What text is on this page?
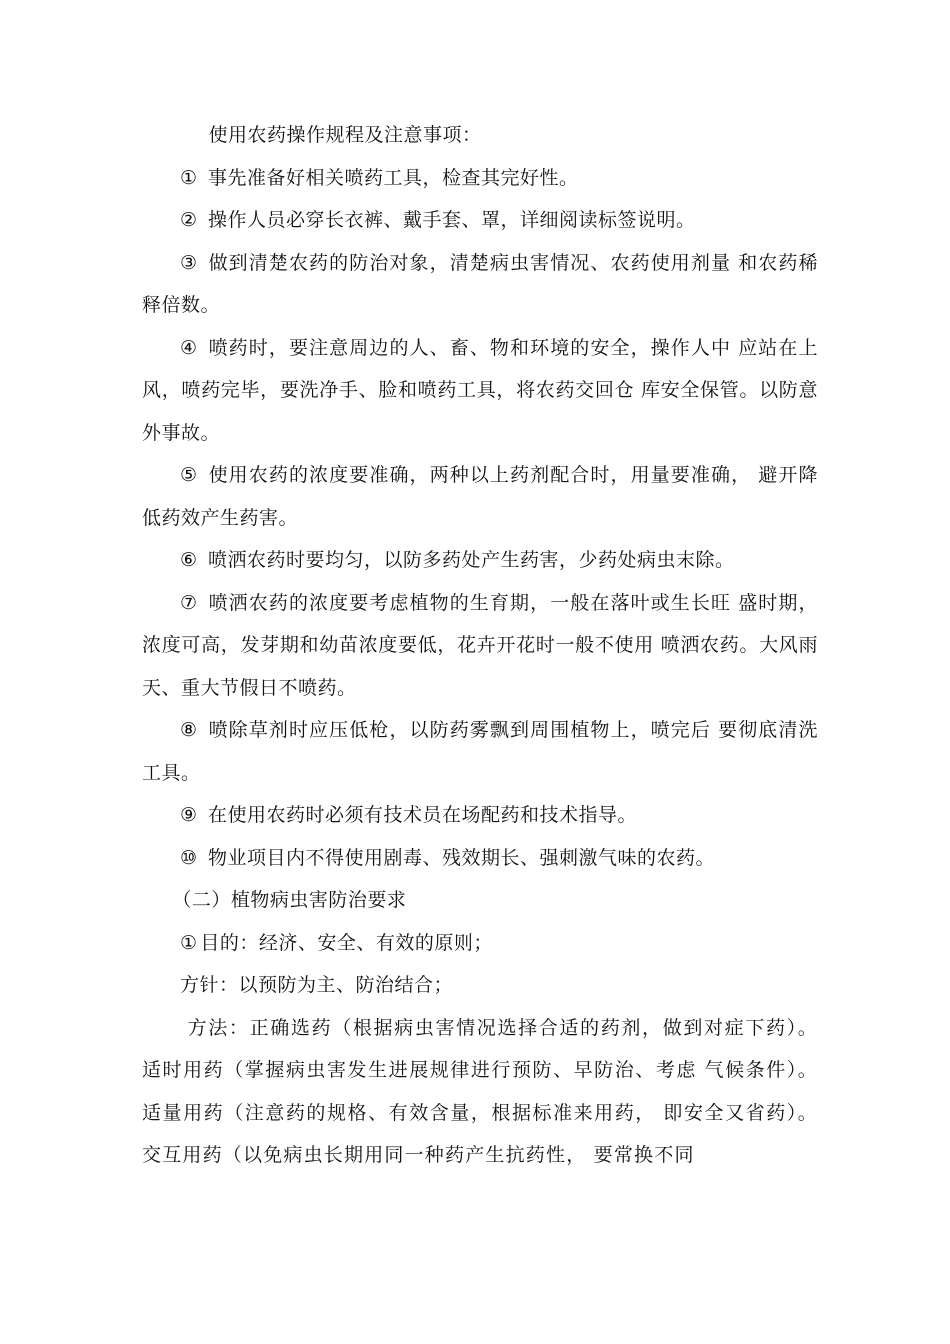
使用农药操作规程及注意事项：

① 事先准备好相关喷药工具，检查其完好性。

② 操作人员必穿长衣裤、戴手套、罩，详细阅读标签说明。

③ 做到清楚农药的防治对象，清楚病虫害情况、农药使用剂量 和农药稀释倍数。

④ 喷药时，要注意周边的人、畜、物和环境的安全，操作人中 应站在上风，喷药完毕，要洗净手、脸和喷药工具，将农药交回仓 库安全保管。以防意外事故。

⑤ 使用农药的浓度要准确，两种以上药剂配合时，用量要准确， 避开降低药效产生药害。

⑥ 喷洒农药时要均匀，以防多药处产生药害，少药处病虫末除。

⑦ 喷洒农药的浓度要考虑植物的生育期，一般在落叶或生长旺 盛时期，浓度可高，发芽期和幼苗浓度要低，花卉开花时一般不使用 喷洒农药。大风雨天、重大节假日不喷药。

⑧ 喷除草剂时应压低枪，以防药雾飘到周围植物上，喷完后 要彻底清洗工具。

⑨ 在使用农药时必须有技术员在场配药和技术指导。

⑩ 物业项目内不得使用剧毒、残效期长、强刺激气味的农药。

（二）植物病虫害防治要求

① 目的：经济、安全、有效的原则；

方针：以预防为主、防治结合；

方法：正确选药（根据病虫害情况选择合适的药剂，做到对症下药）。适时用药（掌握病虫害发生进展规律进行预防、早防治、考虑 气候条件）。适量用药（注意药的规格、有效含量，根据标准来用药， 即安全又省药）。交互用药（以免病虫长期用同一种药产生抗药性， 要常换不同
